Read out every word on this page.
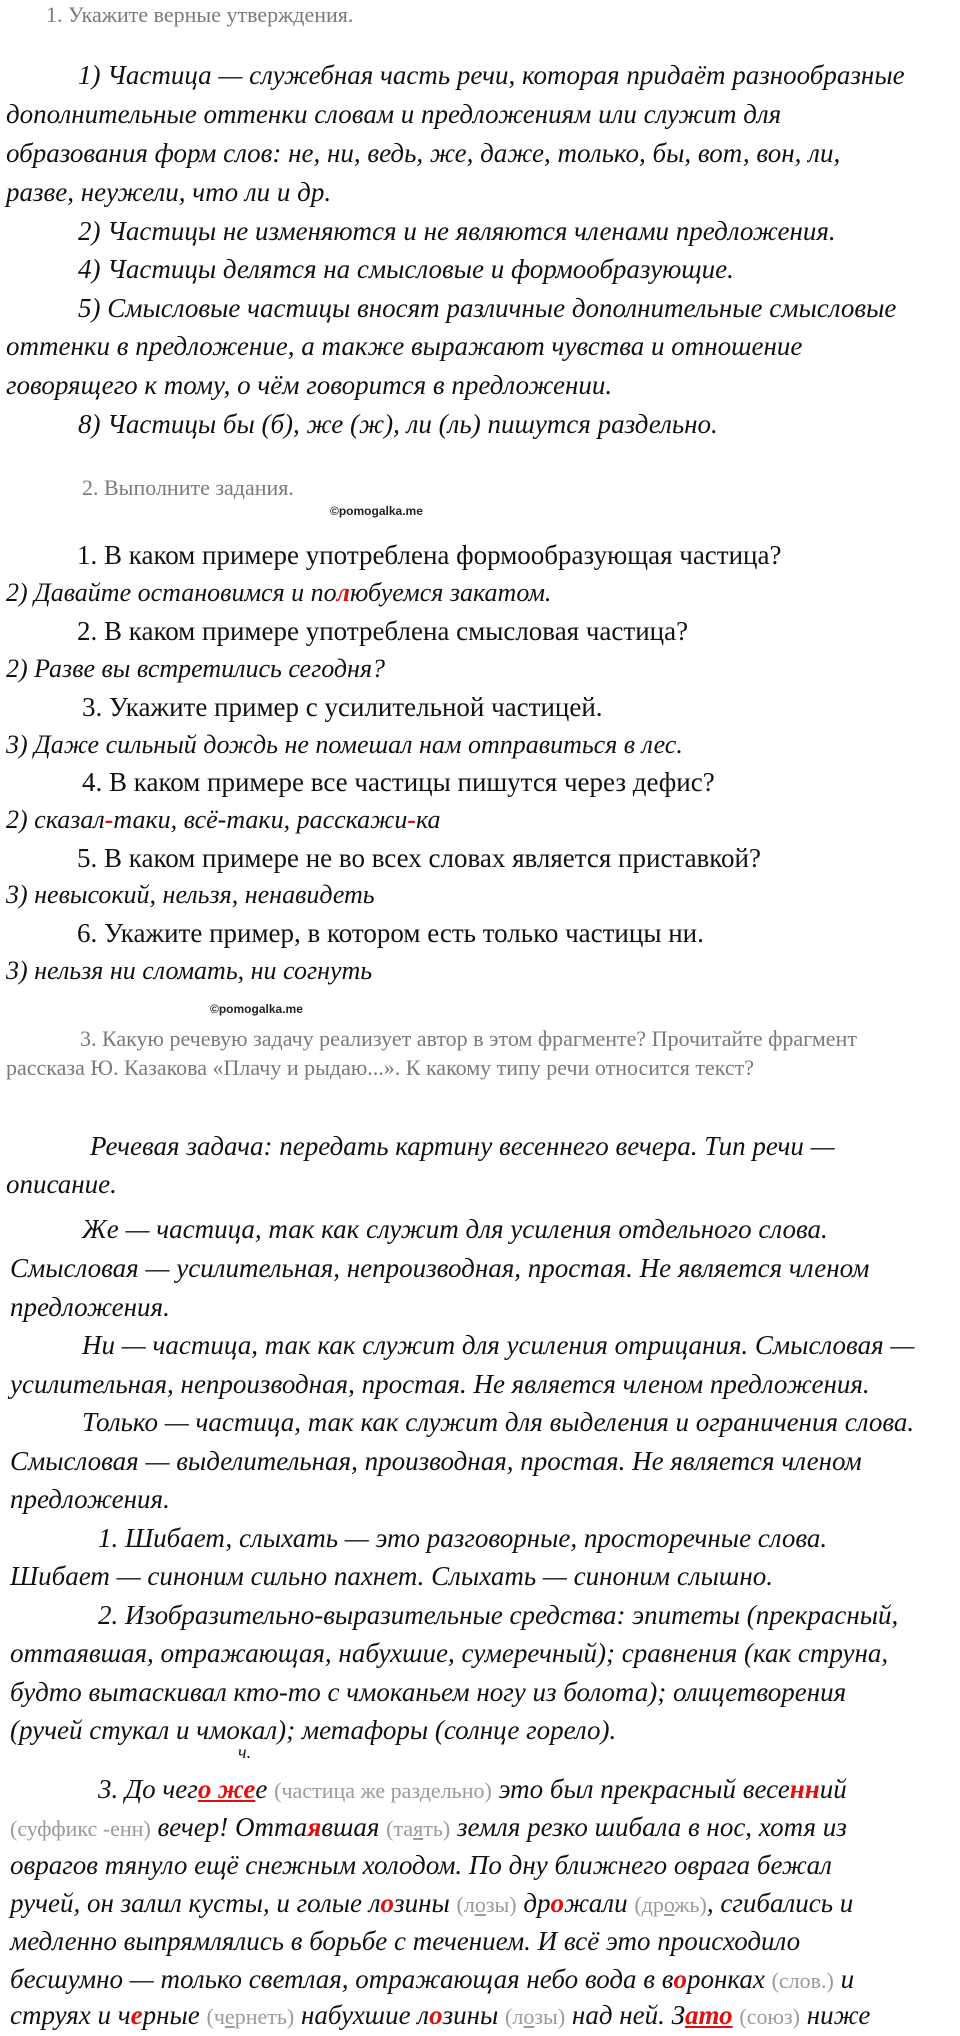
1. Укажите верные утверждения.
1) Частица — служебная часть речи, которая придаёт разнообразные
дополнительные оттенки словам и предложениям или служит для
образования форм слов: не, ни, ведь, же, даже, только, бы, вот, вон, ли,
разве, неужели, что ли и др.
2) Частицы не изменяются и не являются членами предложения.
4) Частицы делятся на смысловые и формообразующие.
5) Смысловые частицы вносят различные дополнительные смысловые
оттенки в предложение, а также выражают чувства и отношение
говорящего к тому, о чём говорится в предложении.
8) Частицы бы (б), же (ж), ли (ль) пишутся раздельно.
2. Выполните задания.
©pomogalka.me
1. В каком примере употреблена формообразующая частица?
2) Давайте остановимся и полюбуемся закатом.
2. В каком примере употреблена смысловая частица?
2) Разве вы встретились сегодня?
3. Укажите пример с усилительной частицей.
3) Даже сильный дождь не помешал нам отправиться в лес.
4. В каком примере все частицы пишутся через дефис?
2) сказал-таки, всё-таки, расскажи-ка
5. В каком примере не во всех словах является приставкой?
3) невысокий, нельзя, ненавидеть
6. Укажите пример, в котором есть только частицы ни.
3) нельзя ни сломать, ни согнуть
©pomogalka.me
3. Какую речевую задачу реализует автор в этом фрагменте? Прочитайте фрагмент
рассказа Ю. Казакова «Плачу и рыдаю...». К какому типу речи относится текст?
Речевая задача: передать картину весеннего вечера. Тип речи —
описание.
Же — частица, так как служит для усиления отдельного слова.
Смысловая — усилительная, непроизводная, простая. Не является членом
предложения.
Ни — частица, так как служит для усиления отрицания. Смысловая —
усилительная, непроизводная, простая. Не является членом предложения.
Только — частица, так как служит для выделения и ограничения слова.
Смысловая — выделительная, производная, простая. Не является членом
предложения.
1. Шибает, слыхать — это разговорные, просторечные слова.
Шибает — синоним сильно пахнет. Слыхать — синоним слышно.
2. Изобразительно-выразительные средства: эпитеты (прекрасный,
оттаявшая, отражающая, набухшие, сумеречный); сравнения (как струна,
будто вытаскивал кто-то с чмоканьем ногу из болота); олицетворения
(ручей стукал и чмокал); метафоры (солнце горело).
ч.
3. До чего жее (частица же раздельно) это был прекрасный весенний
(суффикс -енн) вечер! Оттаявшая (таять) земля резко шибала в нос, хотя из
оврагов тянуло ещё снежным холодом. По дну ближнего оврага бежал
ручей, он залил кусты, и голые лозины (лозы) дрожали (дрожь), сгибались и
медленно выпрямлялись в борьбе с течением. И всё это происходило
бесшумно — только светлая, отражающая небо вода в воронках (слов.) и
струях и черные (чернеть) набухшие лозины (лозы) над ней. Зато (союз) ниже
